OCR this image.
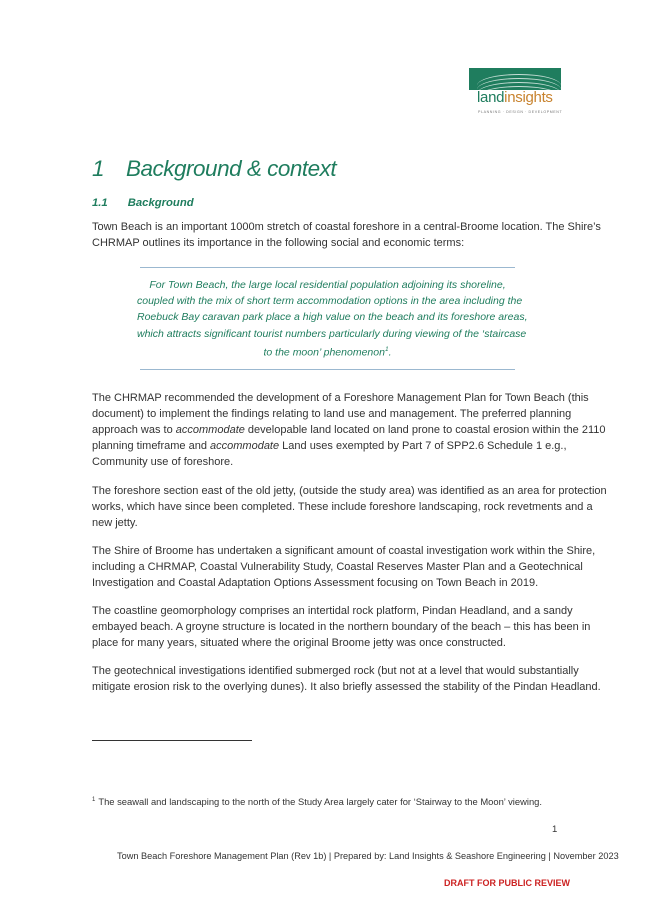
landinsights
PLANNING · DESIGN · DEVELOPMENT
1 Background & context
1.1 Background
Town Beach is an important 1000m stretch of coastal foreshore in a central-Broome location. The Shire’s
CHRMAP outlines its importance in the following social and economic terms:
For Town Beach, the large local residential population adjoining its shoreline,
coupled with the mix of short term accommodation options in the area including the
Roebuck Bay caravan park place a high value on the beach and its foreshore areas,
which attracts significant tourist numbers particularly during viewing of the ‘staircase
to the moon’ phenomenon$^1$.
The CHRMAP recommended the development of a Foreshore Management Plan for Town Beach (this
document) to implement the findings relating to land use and management. The preferred planning
approach was to accommodate developable land located on land prone to coastal erosion within the 2110
planning timeframe and accommodate Land uses exempted by Part 7 of SPP2.6 Schedule 1 e.g.,
Community use of foreshore.
The foreshore section east of the old jetty, (outside the study area) was identified as an area for protection
works, which have since been completed. These include foreshore landscaping, rock revetments and a
new jetty.
The Shire of Broome has undertaken a significant amount of coastal investigation work within the Shire,
including a CHRMAP, Coastal Vulnerability Study, Coastal Reserves Master Plan and a Geotechnical
Investigation and Coastal Adaptation Options Assessment focusing on Town Beach in 2019.
The coastline geomorphology comprises an intertidal rock platform, Pindan Headland, and a sandy
embayed beach. A groyne structure is located in the northern boundary of the beach – this has been in
place for many years, situated where the original Broome jetty was once constructed.
The geotechnical investigations identified submerged rock (but not at a level that would substantially
mitigate erosion risk to the overlying dunes). It also briefly assessed the stability of the Pindan Headland.
$^1$ The seawall and landscaping to the north of the Study Area largely cater for ‘Stairway to the Moon’ viewing.
1
Town Beach Foreshore Management Plan (Rev 1b) | Prepared by: Land Insights & Seashore Engineering | November 2023
DRAFT FOR PUBLIC REVIEW
